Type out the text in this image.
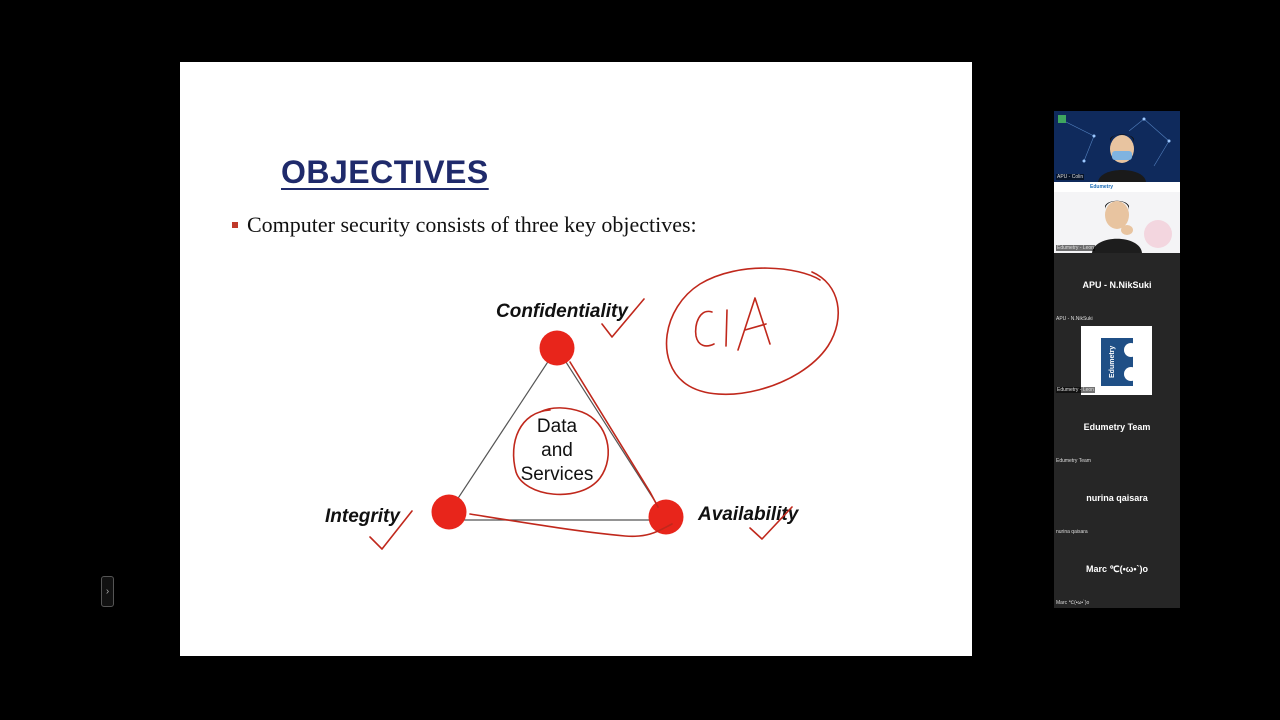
OBJECTIVES
Computer security consists of three key objectives:
Confidentiality
Integrity	Availability
Data
and
Services
›
APU - Colin
Edumetry
Edumetry - Leon
APU - N.NikSuki
APU - N.NikSuki
Edumetry
Edumetry - Leon
Edumetry Team
Edumetry Team
nurina qaisara
nurina qaisara
Marc ℃(•ω•`)o
Marc ℃(•ω•`)o
